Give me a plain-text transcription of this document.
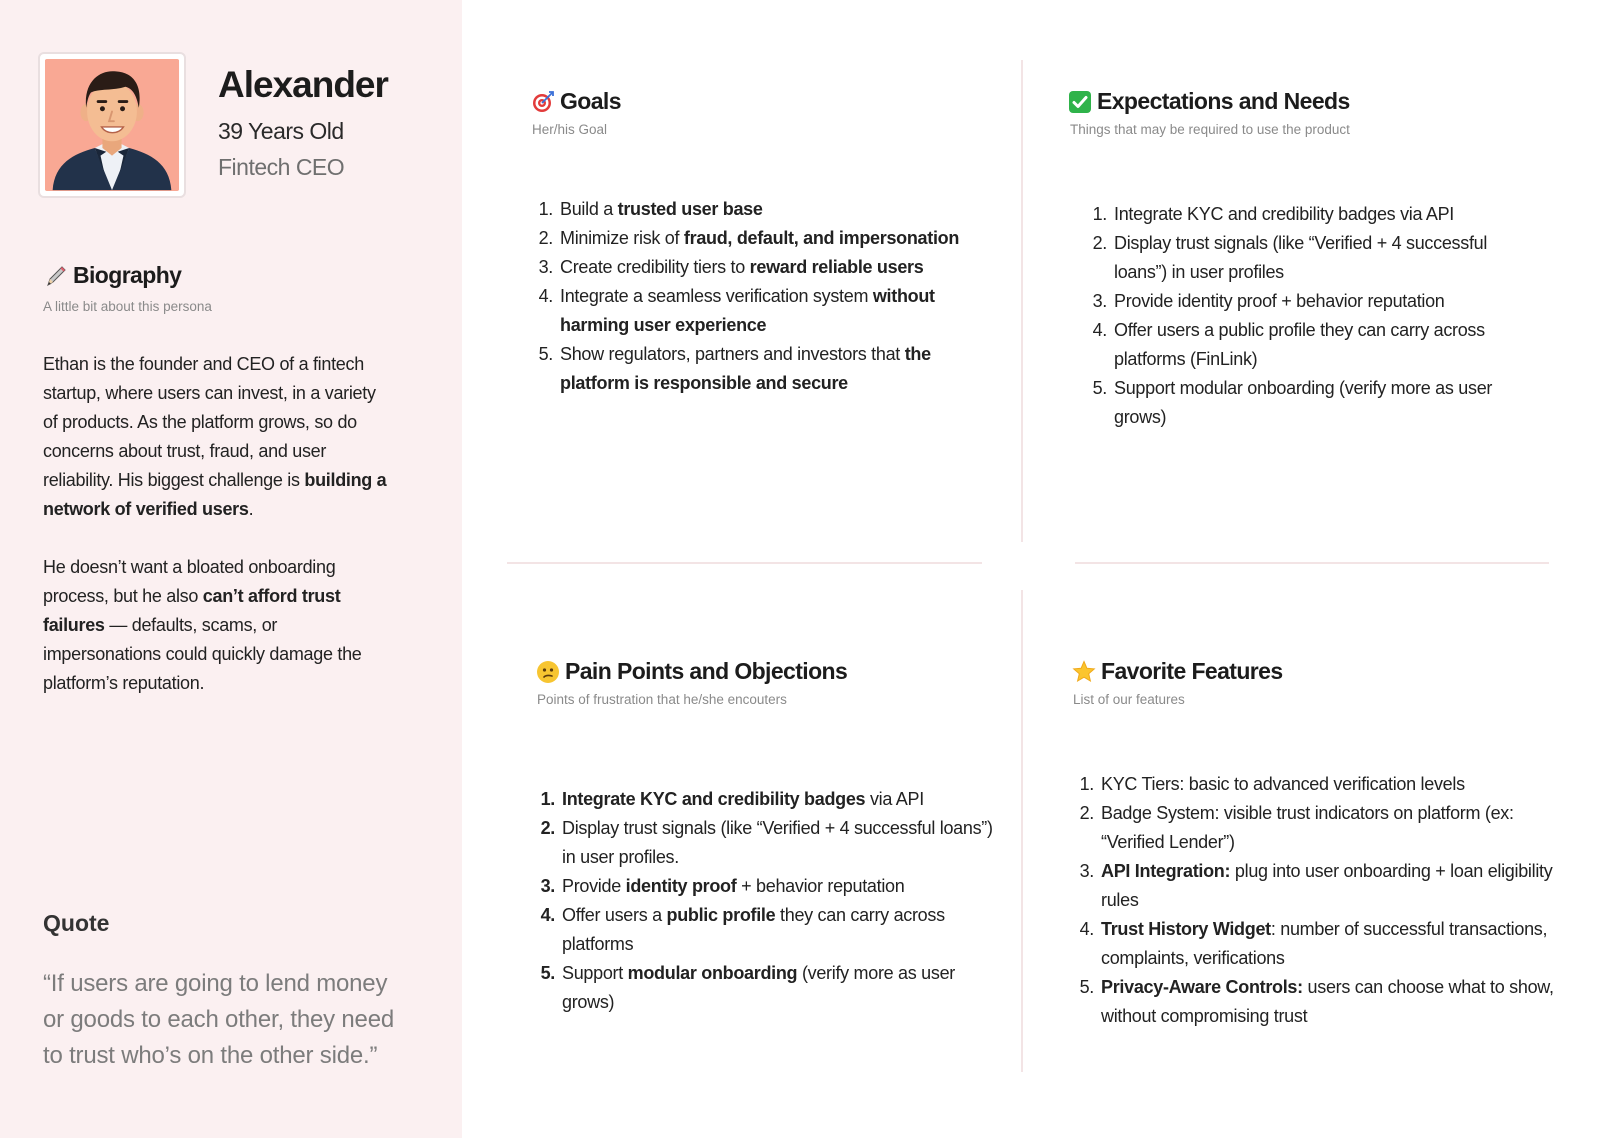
Alexander
39 Years Old
Fintech CEO
Biography
A little bit about this persona

Ethan is the founder and CEO of a fintech startup, where users can invest, in a variety of products. As the platform grows, so do concerns about trust, fraud, and user reliability. His biggest challenge is building a network of verified users.

He doesn’t want a bloated onboarding process, but he also can’t afford trust failures — defaults, scams, or impersonations could quickly damage the platform’s reputation.

Quote
“If users are going to lend money or goods to each other, they need to trust who’s on the other side.”
Goals
Her/his Goal
1. Build a trusted user base
2. Minimize risk of fraud, default, and impersonation
3. Create credibility tiers to reward reliable users
4. Integrate a seamless verification system without harming user experience
5. Show regulators, partners and investors that the platform is responsible and secure
Expectations and Needs
Things that may be required to use the product
1. Integrate KYC and credibility badges via API
2. Display trust signals (like “Verified + 4 successful loans”) in user profiles
3. Provide identity proof + behavior reputation
4. Offer users a public profile they can carry across platforms (FinLink)
5. Support modular onboarding (verify more as user grows)
Pain Points and Objections
Points of frustration that he/she encouters
1. Integrate KYC and credibility badges via API
2. Display trust signals (like “Verified + 4 successful loans”) in user profiles.
3. Provide identity proof + behavior reputation
4. Offer users a public profile they can carry across platforms
5. Support modular onboarding (verify more as user grows)
Favorite Features
List of our features
1. KYC Tiers: basic to advanced verification levels
2. Badge System: visible trust indicators on platform (ex: “Verified Lender”)
3. API Integration: plug into user onboarding + loan eligibility rules
4. Trust History Widget: number of successful transactions, complaints, verifications
5. Privacy-Aware Controls: users can choose what to show, without compromising trust
